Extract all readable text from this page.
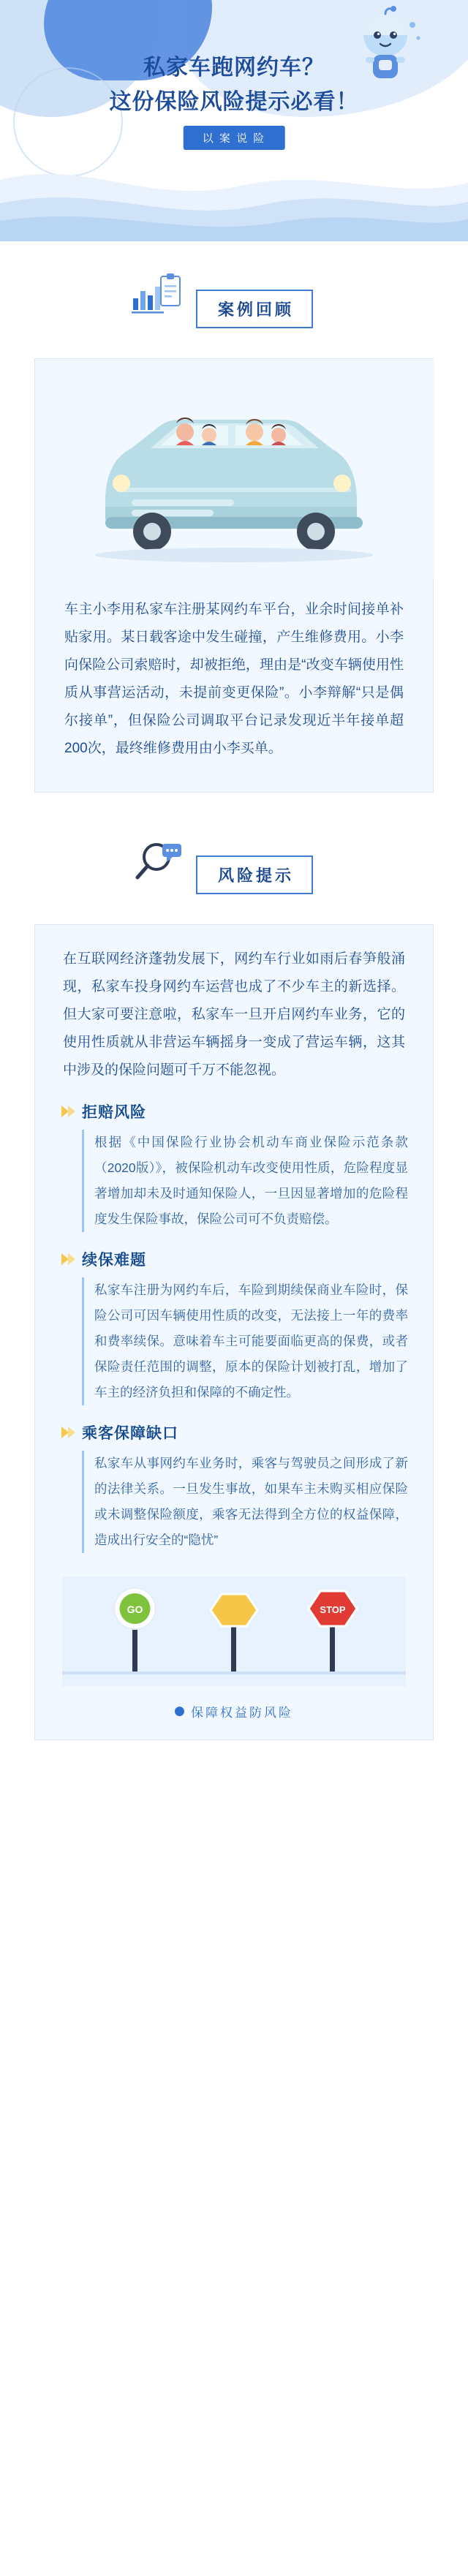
私家车跑网约车？
这份保险风险提示必看！
以 案 说 险
案例回顾
车主小李用私家车注册某网约车平台，业余时间接单补贴家用。某日载客途中发生碰撞，产生维修费用。小李向保险公司索赔时，却被拒绝，理由是“改变车辆使用性质从事营运活动，未提前变更保险”。小李辩解“只是偶尔接单”，但保险公司调取平台记录发现近半年接单超200次，最终维修费用由小李买单。
风险提示
在互联网经济蓬勃发展下，网约车行业如雨后春笋般涌现，私家车投身网约车运营也成了不少车主的新选择。但大家可要注意啦，私家车一旦开启网约车业务，它的使用性质就从非营运车辆摇身一变成了营运车辆，这其中涉及的保险问题可千万不能忽视。
拒赔风险
根据《中国保险行业协会机动车商业保险示范条款（2020版）》，被保险机动车改变使用性质，危险程度显著增加却未及时通知保险人，一旦因显著增加的危险程度发生保险事故，保险公司可不负责赔偿。
续保难题
私家车注册为网约车后，车险到期续保商业车险时，保险公司可因车辆使用性质的改变，无法接上一年的费率和费率续保。意味着车主可能要面临更高的保费，或者保险责任范围的调整，原本的保险计划被打乱，增加了车主的经济负担和保障的不确定性。
乘客保障缺口
私家车从事网约车业务时，乘客与驾驶员之间形成了新的法律关系。一旦发生事故，如果车主未购买相应保险或未调整保险额度，乘客无法得到全方位的权益保障，造成出行安全的“隐忧”
GO	STOP
保障权益防风险
